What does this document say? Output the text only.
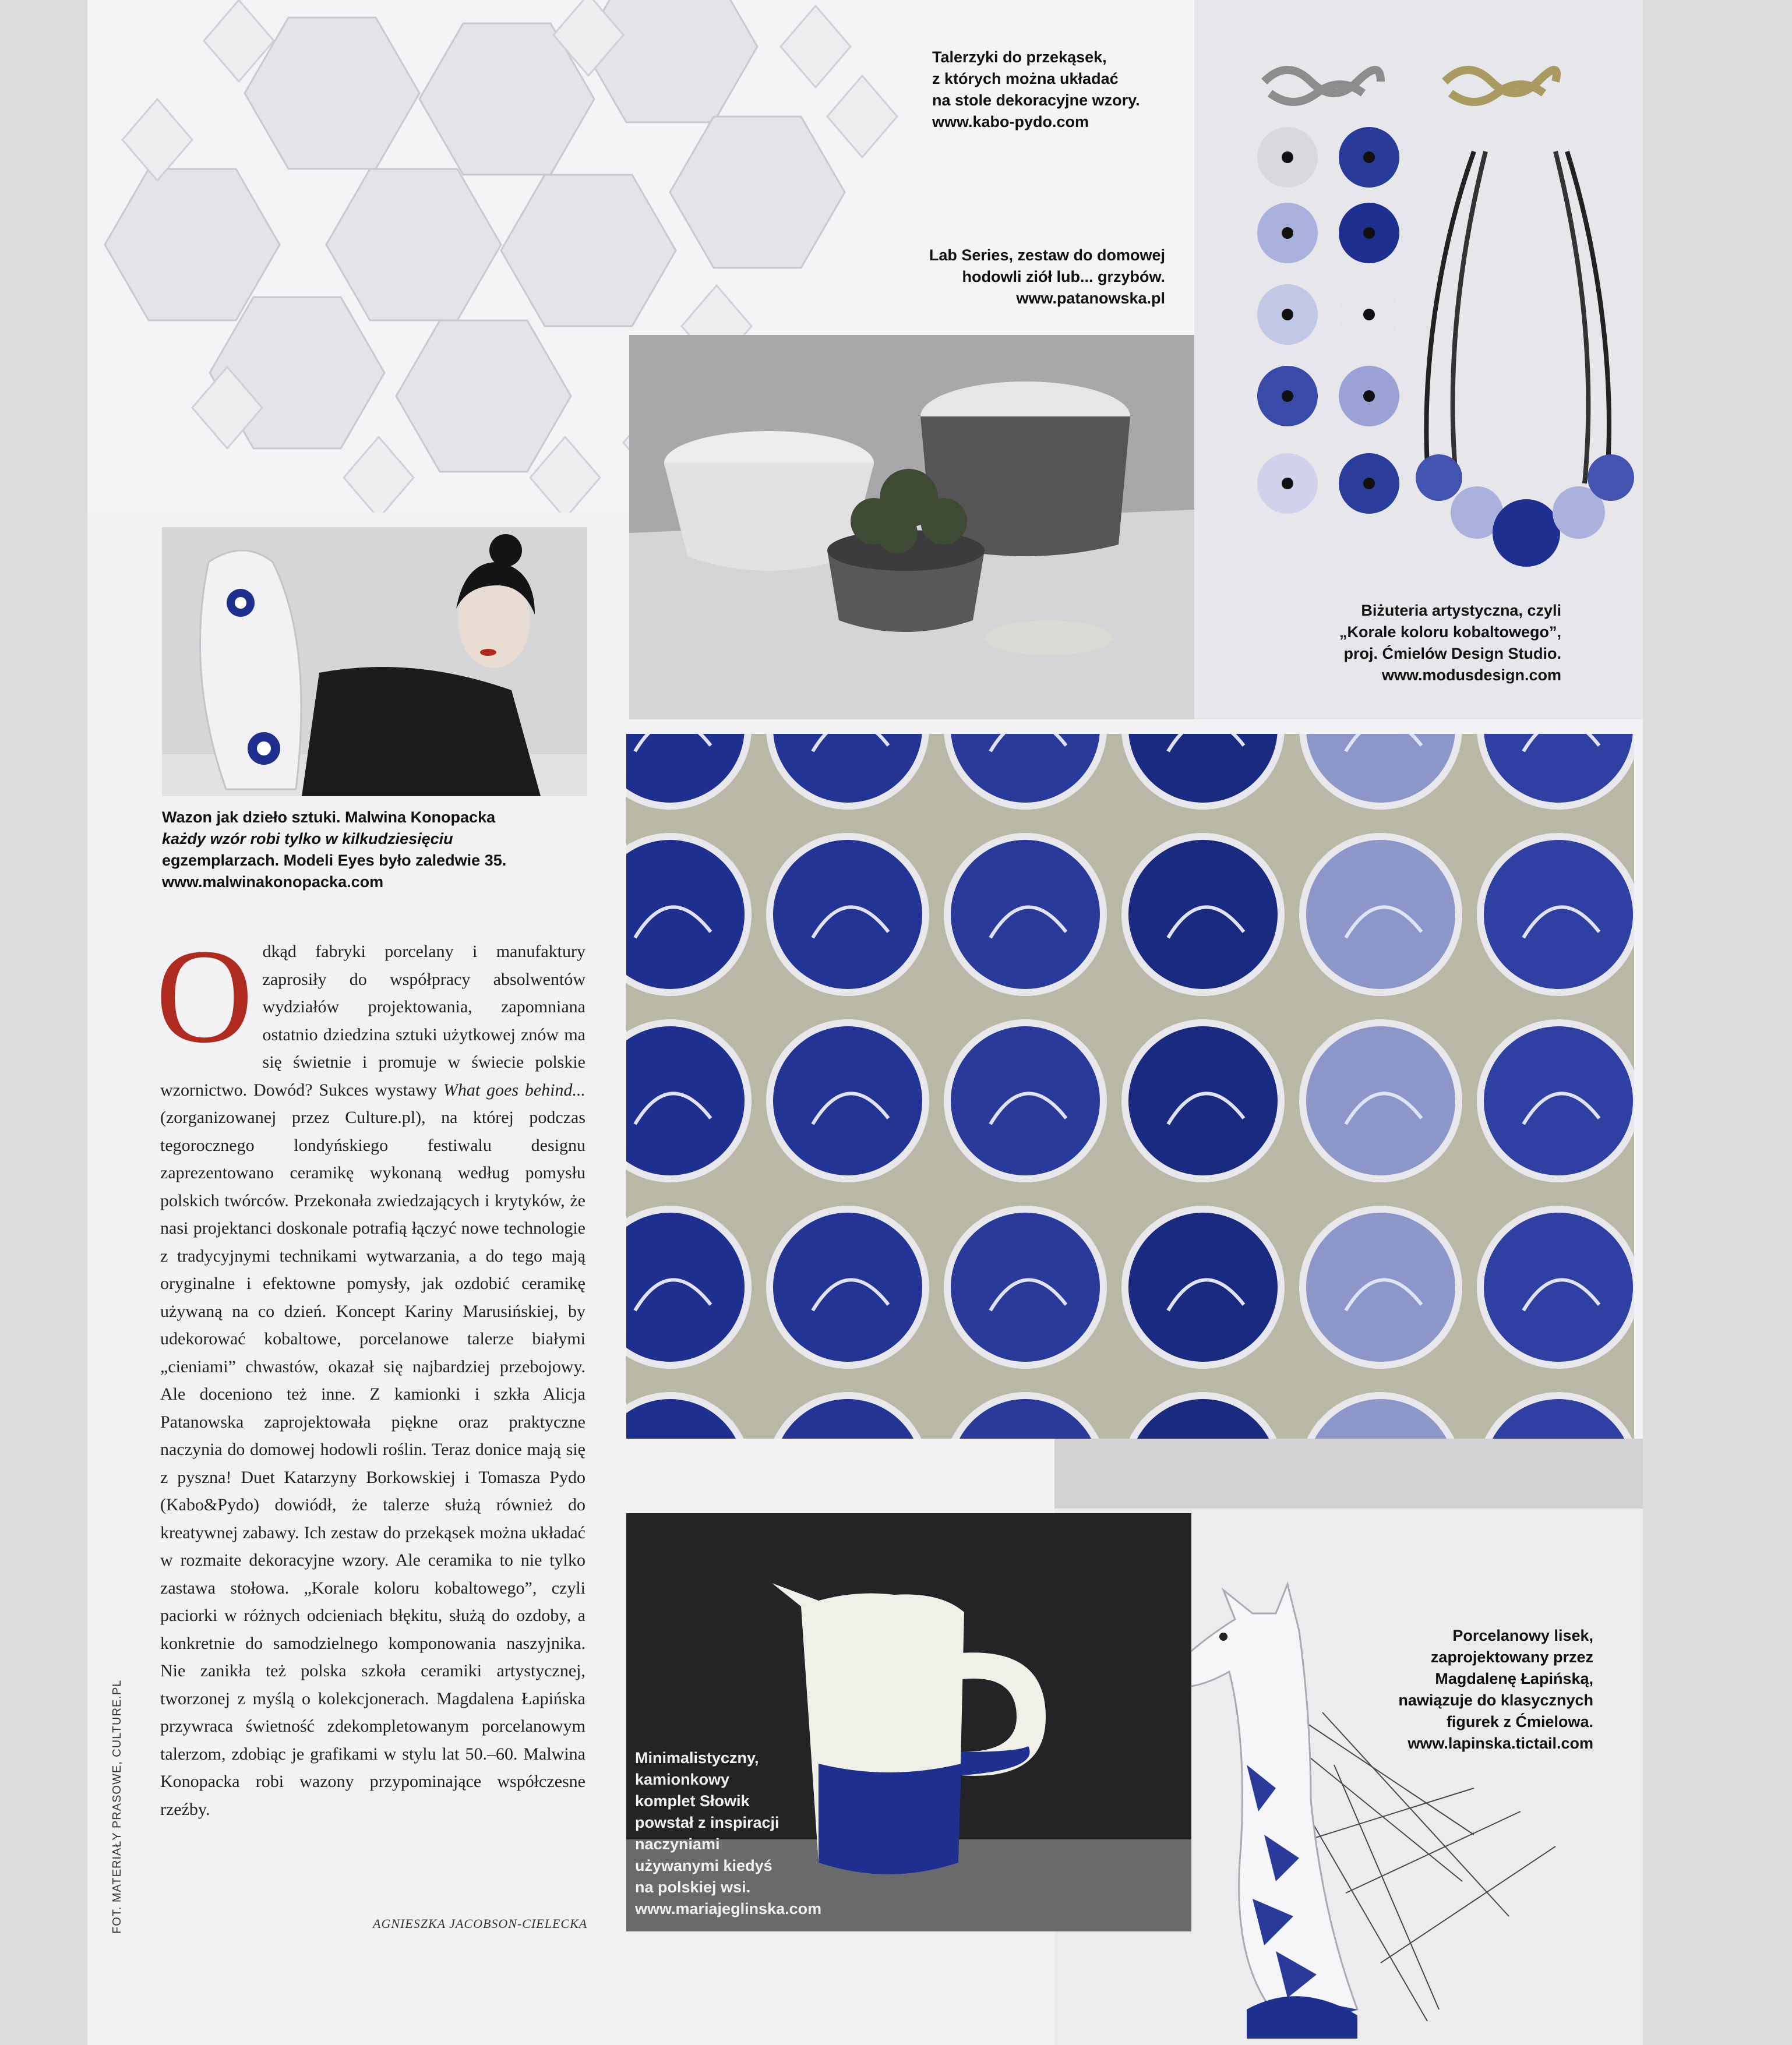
Talerzyki do przekąsek,
z których można układać
na stole dekoracyjne wzory.
www.kabo-pydo.com
Biżuteria artystyczna, czyli
„Korale koloru kobaltowego”,
proj. Ćmielów Design Studio.
www.modusdesign.com
Lab Series, zestaw do domowej
hodowli ziół lub... grzybów.
www.patanowska.pl
Wazon jak dzieło sztuki. Malwina Konopacka
każdy wzór robi tylko w kilkudziesięciu
egzemplarzach. Modeli Eyes było zaledwie 35.
www.malwinakonopacka.com
Porcelanowy lisek,
zaprojektowany przez
Magdalenę Łapińską,
nawiązuje do klasycznych
figurek z Ćmielowa.
www.lapinska.tictail.com
Minimalistyczny,
kamionkowy
komplet Słowik
powstał z inspiracji
naczyniami
używanymi kiedyś
na polskiej wsi.
www.mariajeglinska.com
FOT. MATERIAŁY PRASOWE, CULTURE.PL
Odkąd fabryki porcelany i manufaktury zaprosiły do współpracy absolwentów wydziałów projektowania, zapomniana ostatnio dziedzina sztuki użytkowej znów ma się świetnie i promuje w świecie polskie wzornictwo. Dowód? Sukces wystawy What goes behind... (zorganizowanej przez Culture.pl), na której podczas tegorocznego londyńskiego festiwalu designu zaprezentowano ceramikę wykonaną według pomysłu polskich twórców. Przekonała zwiedzających i krytyków, że nasi projektanci doskonale potrafią łączyć nowe technologie z tradycyjnymi technikami wytwarzania, a do tego mają oryginalne i efektowne pomysły, jak ozdobić ceramikę używaną na co dzień. Koncept Kariny Marusińskiej, by udekorować kobaltowe, porcelanowe talerze białymi „cieniami” chwastów, okazał się najbardziej przebojowy. Ale doceniono też inne. Z kamionki i szkła Alicja Patanowska zaprojektowała piękne oraz praktyczne naczynia do domowej hodowli roślin. Teraz donice mają się z pyszna! Duet Katarzyny Borkowskiej i Tomasza Pydo (Kabo&Pydo) dowiódł, że talerze służą również do kreatywnej zabawy. Ich zestaw do przekąsek można układać w rozmaite dekoracyjne wzory. Ale ceramika to nie tylko zastawa stołowa. „Korale koloru kobaltowego”, czyli paciorki w różnych odcieniach błękitu, służą do ozdoby, a konkretnie do samodzielnego komponowania naszyjnika. Nie zanikła też polska szkoła ceramiki artystycznej, tworzonej z myślą o kolekcjonerach. Magdalena Łapińska przywraca świetność zdekompletowanym porcelanowym talerzom, zdobiąc je grafikami w stylu lat 50.–60. Malwina Konopacka robi wazony przypominające współczesne rzeźby.
AGNIESZKA JACOBSON-CIELECKA
